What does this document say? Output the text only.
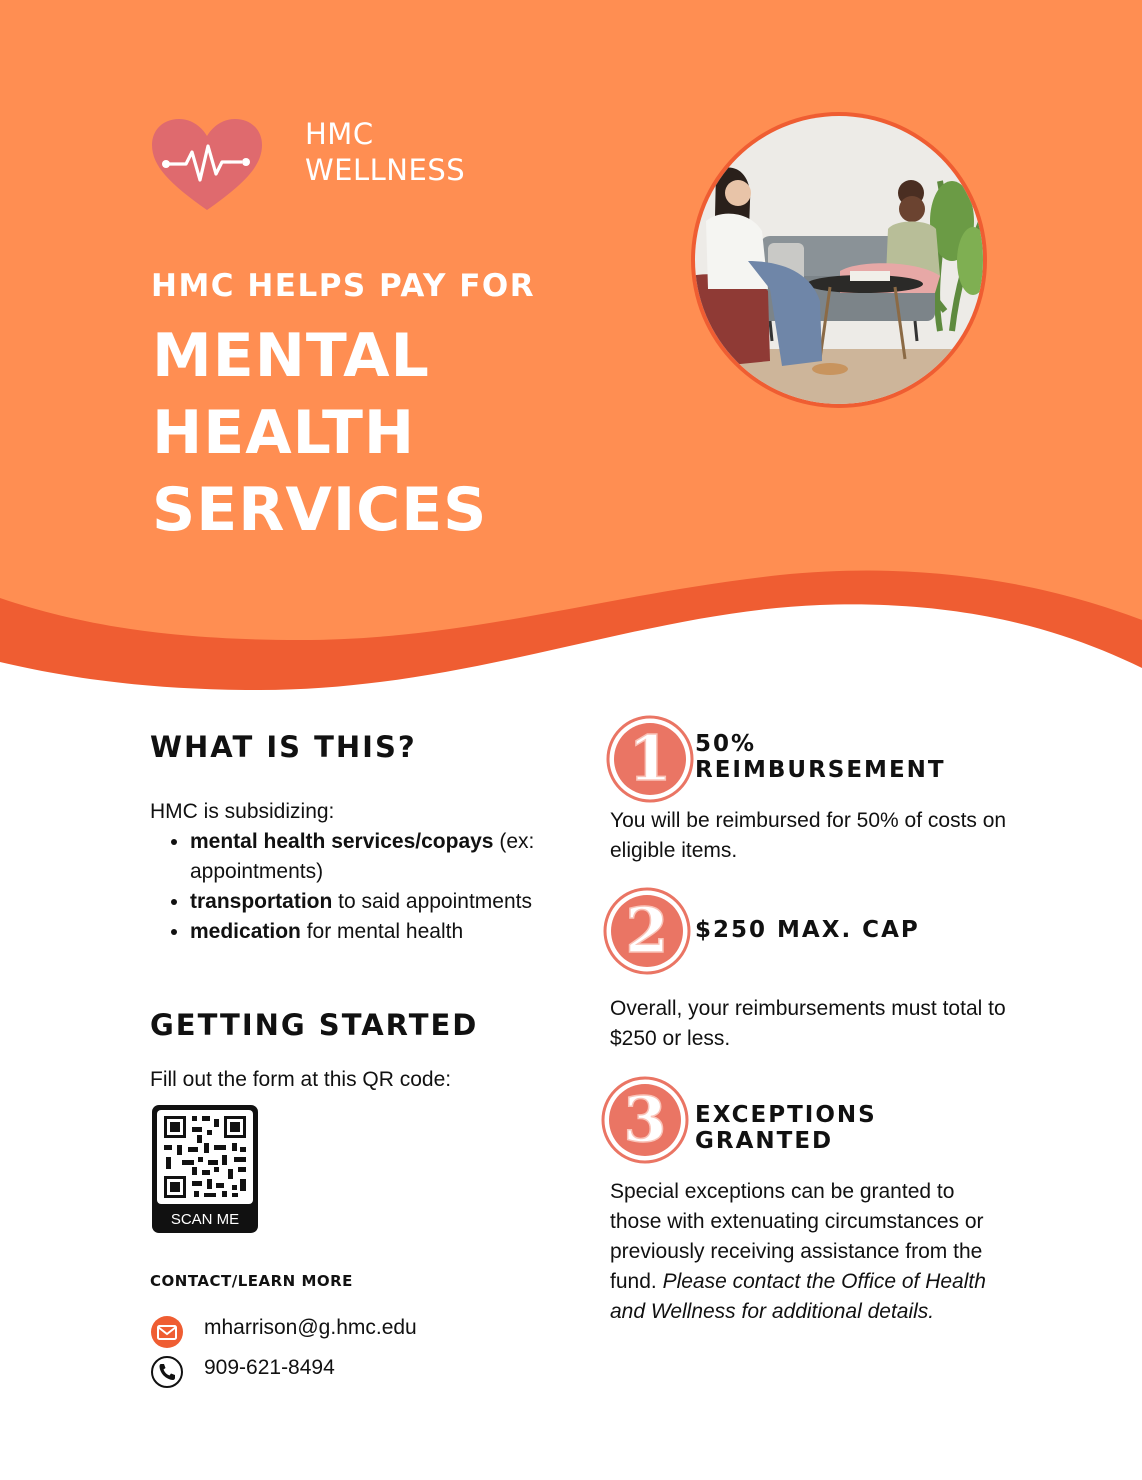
HMC
WELLNESS
HMC HELPS PAY FOR
MENTAL
HEALTH
SERVICES
WHAT IS THIS?
HMC is subsidizing:
• mental health services/copays (ex: appointments)
• transportation to said appointments
• medication for mental health
GETTING STARTED
Fill out the form at this QR code:
SCAN ME
CONTACT/LEARN MORE
mharrison@g.hmc.edu
909-621-8494
1 50%
REIMBURSEMENT
You will be reimbursed for 50% of costs on eligible items.
2 $250 MAX. CAP
Overall, your reimbursements must total to $250 or less.
3 EXCEPTIONS
GRANTED
Special exceptions can be granted to those with extenuating circumstances or previously receiving assistance from the fund. Please contact the Office of Health and Wellness for additional details.
